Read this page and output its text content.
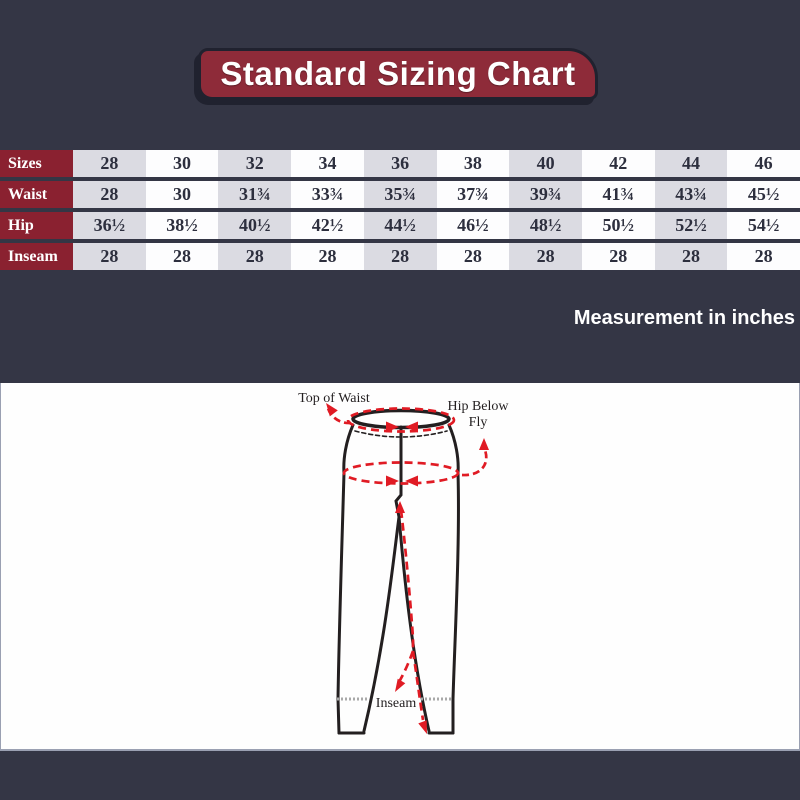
Standard Sizing Chart
Sizes	28	30	32	34	36	38	40	42	44	46
Waist	28	30	31¾	33¾	35¾	37¾	39¾	41¾	43¾	45½
Hip	36½	38½	40½	42½	44½	46½	48½	50½	52½	54½
Inseam	28	28	28	28	28	28	28	28	28	28
Measurement in inches
Top of Waist
Hip Below
Fly
Inseam
